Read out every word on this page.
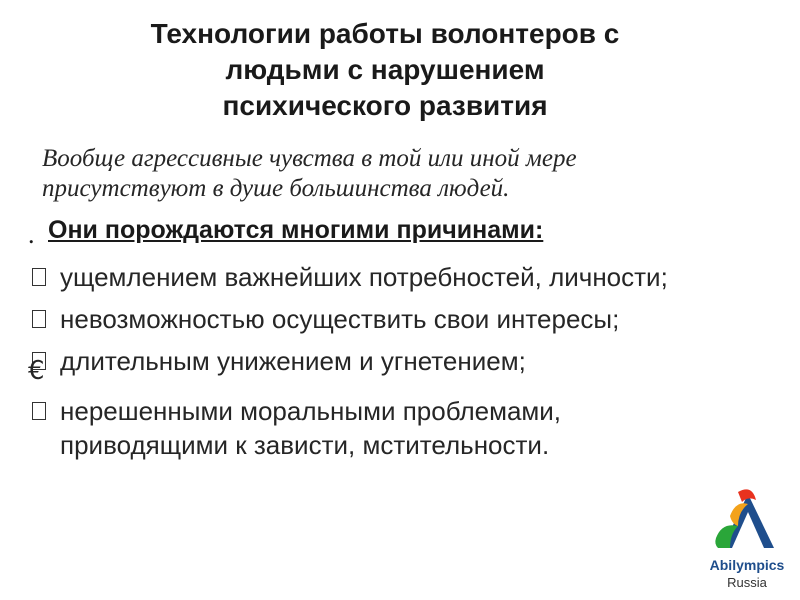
Технологии работы волонтеров с
людьми с нарушением
психического развития

Вообще агрессивные чувства в той или иной мере
присутствуют в душе большинства людей.

. Они порождаются многими причинами:

ущемлением важнейших потребностей, личности;
невозможностью осуществить свои интересы;
длительным унижением и угнетением;
нерешенными моральными проблемами,
приводящими к зависти, мстительности.
€
Abilympics
Russia
